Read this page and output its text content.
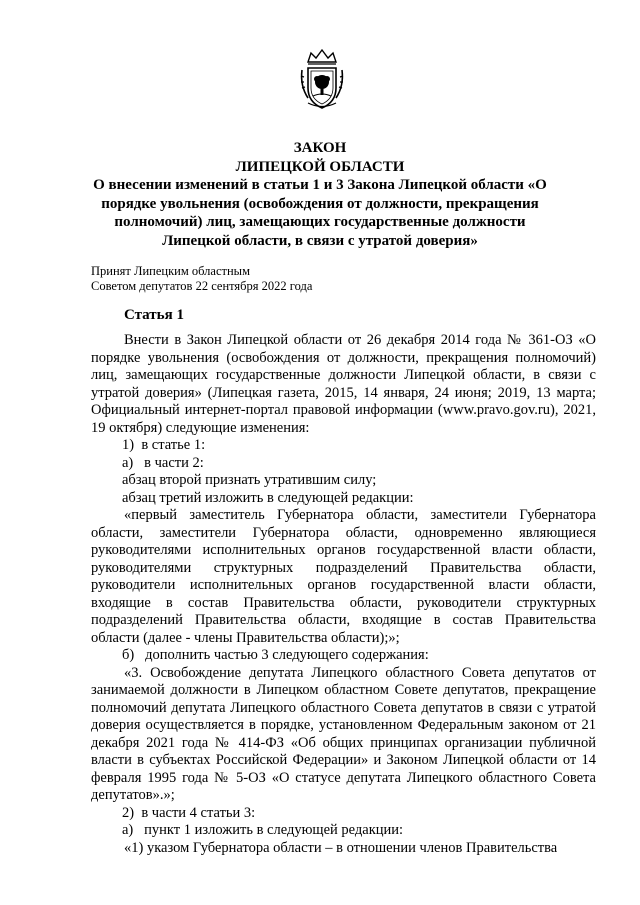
ЗАКОН
ЛИПЕЦКОЙ ОБЛАСТИ
О внесении изменений в статьи 1 и 3 Закона Липецкой области «О порядке увольнения (освобождения от должности, прекращения полномочий) лиц, замещающих государственные должности Липецкой области, в связи с утратой доверия»
Принят Липецким областным
Советом депутатов 22 сентября 2022 года
Статья 1

Внести в Закон Липецкой области от 26 декабря 2014 года № 361-ОЗ «О порядке увольнения (освобождения от должности, прекращения полномочий) лиц, замещающих государственные должности Липецкой области, в связи с утратой доверия» (Липецкая газета, 2015, 14 января, 24 июня; 2019, 13 марта; Официальный интернет-портал правовой информации (www.pravo.gov.ru), 2021, 19 октября) следующие изменения:

1)  в статье 1:

а)   в части 2:

абзац второй признать утратившим силу;

абзац третий изложить в следующей редакции:

«первый заместитель Губернатора области, заместители Губернатора области, заместители Губернатора области, одновременно являющиеся руководителями исполнительных органов государственной власти области, руководителями структурных подразделений Правительства области, руководители исполнительных органов государственной власти области, входящие в состав Правительства области, руководители структурных подразделений Правительства области, входящие в состав Правительства области (далее - члены Правительства области);»;

б)   дополнить частью 3 следующего содержания:

«3. Освобождение депутата Липецкого областного Совета депутатов от занимаемой должности в Липецком областном Совете депутатов, прекращение полномочий депутата Липецкого областного Совета депутатов в связи с утратой доверия осуществляется в порядке, установленном Федеральным законом от 21 декабря 2021 года № 414-ФЗ «Об общих принципах организации публичной власти в субъектах Российской Федерации» и Законом Липецкой области от 14 февраля 1995 года № 5-ОЗ «О статусе депутата Липецкого областного Совета депутатов».»;

2)  в части 4 статьи 3:

а)   пункт 1 изложить в следующей редакции:

«1) указом Губернатора области – в отношении членов Правительства
